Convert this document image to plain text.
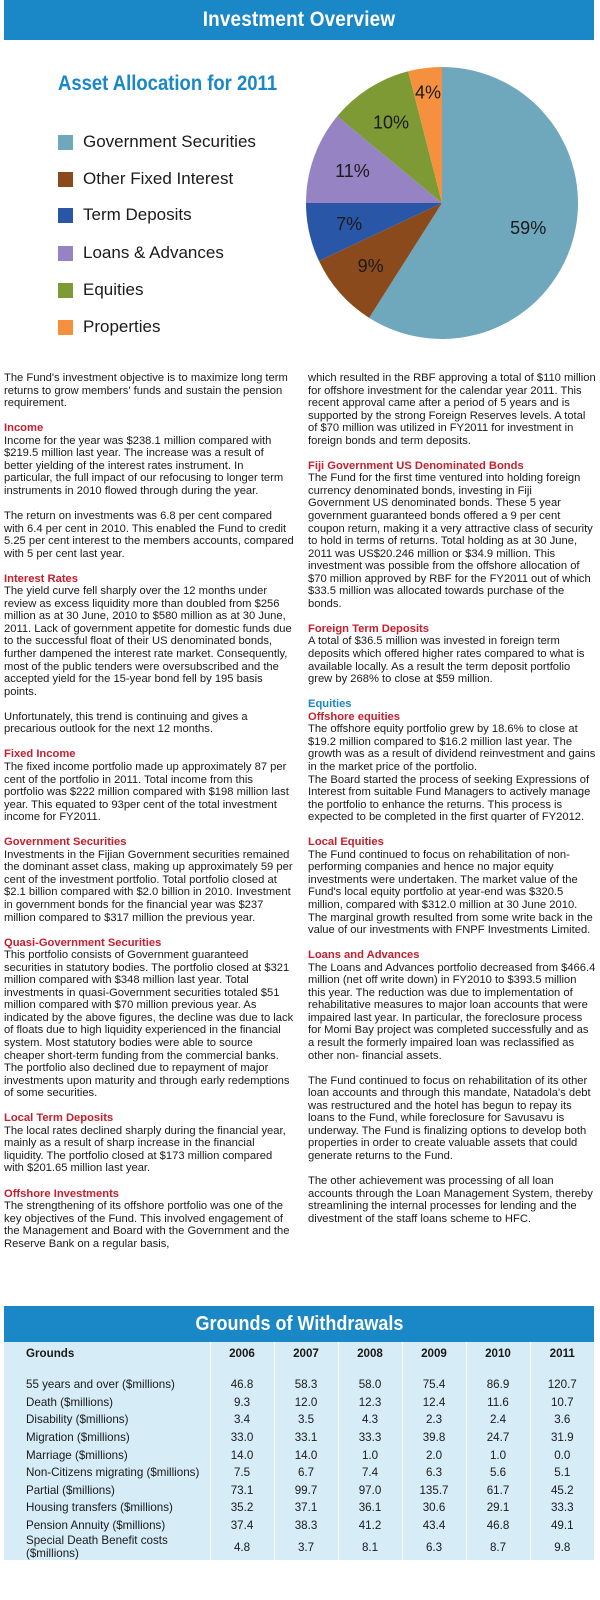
Investment Overview
Asset Allocation for 2011
Government Securities
Other Fixed Interest
Term Deposits
Loans & Advances
Equities
Properties
59%
9%
7%
11%
10%
4%

The Fund's investment objective is to maximize long term returns to grow members' funds and sustain the pension requirement.

Income

Income for the year was $238.1 million compared with $219.5 million last year. The increase was a result of better yielding of the interest rates instrument. In particular, the full impact of our refocusing to longer term instruments in 2010 flowed through during the year.

The return on investments was 6.8 per cent compared with 6.4 per cent in 2010. This enabled the Fund to credit 5.25 per cent interest to the members accounts, compared with 5 per cent last year.

Interest Rates

The yield curve fell sharply over the 12 months under review as excess liquidity more than doubled from $256 million as at 30 June, 2010 to $580 million as at 30 June, 2011. Lack of government appetite for domestic funds due to the successful float of their US denominated bonds, further dampened the interest rate market. Consequently, most of the public tenders were oversubscribed and the accepted yield for the 15-year bond fell by 195 basis points.

Unfortunately, this trend is continuing and gives a precarious outlook for the next 12 months.

Fixed Income

The fixed income portfolio made up approximately 87 per cent of the portfolio in 2011. Total income from this portfolio was $222 million compared with $198 million last year. This equated to 93per cent of the total investment income for FY2011.

Government Securities

Investments in the Fijian Government securities remained the dominant asset class, making up approximately 59 per cent of the investment portfolio. Total portfolio closed at $2.1 billion compared with $2.0 billion in 2010. Investment in government bonds for the financial year was $237 million compared to $317 million the previous year.

Quasi-Government Securities

This portfolio consists of Government guaranteed securities in statutory bodies. The portfolio closed at $321 million compared with $348 million last year. Total investments in quasi-Government securities totaled $51 million compared with $70 million previous year. As indicated by the above figures, the decline was due to lack of floats due to high liquidity experienced in the financial system. Most statutory bodies were able to source cheaper short-term funding from the commercial banks. The portfolio also declined due to repayment of major investments upon maturity and through early redemptions of some securities.

Local Term Deposits

The local rates declined sharply during the financial year, mainly as a result of sharp increase in the financial liquidity. The portfolio closed at $173 million compared with $201.65 million last year.

Offshore Investments

The strengthening of its offshore portfolio was one of the key objectives of the Fund. This involved engagement of the Management and Board with the Government and the Reserve Bank on a regular basis,

which resulted in the RBF approving a total of $110 million for offshore investment for the calendar year 2011. This recent approval came after a period of 5 years and is supported by the strong Foreign Reserves levels. A total of $70 million was utilized in FY2011 for investment in foreign bonds and term deposits.

Fiji Government US Denominated Bonds

The Fund for the first time ventured into holding foreign currency denominated bonds, investing in Fiji Government US denominated bonds. These 5 year government guaranteed bonds offered a 9 per cent coupon return, making it a very attractive class of security to hold in terms of returns. Total holding as at 30 June, 2011 was US$20.246 million or $34.9 million. This investment was possible from the offshore allocation of $70 million approved by RBF for the FY2011 out of which $33.5 million was allocated towards purchase of the bonds.

Foreign Term Deposits

A total of $36.5 million was invested in foreign term deposits which offered higher rates compared to what is available locally. As a result the term deposit portfolio grew by 268% to close at $59 million.

Equities
Offshore equities
The offshore equity portfolio grew by 18.6% to close at $19.2 million compared to $16.2 million last year. The growth was as a result of dividend reinvestment and gains in the market price of the portfolio.

The Board started the process of seeking Expressions of Interest from suitable Fund Managers to actively manage the portfolio to enhance the returns. This process is expected to be completed in the first quarter of FY2012.

Local Equities

The Fund continued to focus on rehabilitation of non-performing companies and hence no major equity investments were undertaken. The market value of the Fund's local equity portfolio at year-end was $320.5 million, compared with $312.0 million at 30 June 2010. The marginal growth resulted from some write back in the value of our investments with FNPF Investments Limited.

Loans and Advances

The Loans and Advances portfolio decreased from $466.4 million (net off write down) in FY2010 to $393.5 million this year. The reduction was due to implementation of rehabilitative measures to major loan accounts that were impaired last year. In particular, the foreclosure process for Momi Bay project was completed successfully and as a result the formerly impaired loan was reclassified as other non- financial assets.

The Fund continued to focus on rehabilitation of its other loan accounts and through this mandate, Natadola's debt was restructured and the hotel has begun to repay its loans to the Fund, while foreclosure for Savusavu is underway. The Fund is finalizing options to develop both properties in order to create valuable assets that could generate returns to the Fund.

The other achievement was processing of all loan accounts through the Loan Management System, thereby streamlining the internal processes for lending and the divestment of the staff loans scheme to HFC.

Grounds of Withdrawals
Grounds	2006	2007	2008	2009	2010	2011

55 years and over ($millions)	46.8	58.3	58.0	75.4	86.9	120.7
Death ($millions)	9.3	12.0	12.3	12.4	11.6	10.7
Disability ($millions)	3.4	3.5	4.3	2.3	2.4	3.6
Migration ($millions)	33.0	33.1	33.3	39.8	24.7	31.9
Marriage ($millions)	14.0	14.0	1.0	2.0	1.0	0.0
Non-Citizens migrating ($millions)	7.5	6.7	7.4	6.3	5.6	5.1
Partial ($millions)	73.1	99.7	97.0	135.7	61.7	45.2
Housing transfers ($millions)	35.2	37.1	36.1	30.6	29.1	33.3
Pension Annuity ($millions)	37.4	38.3	41.2	43.4	46.8	49.1
Special Death Benefit costs ($millions)	4.8	3.7	8.1	6.3	8.7	9.8
